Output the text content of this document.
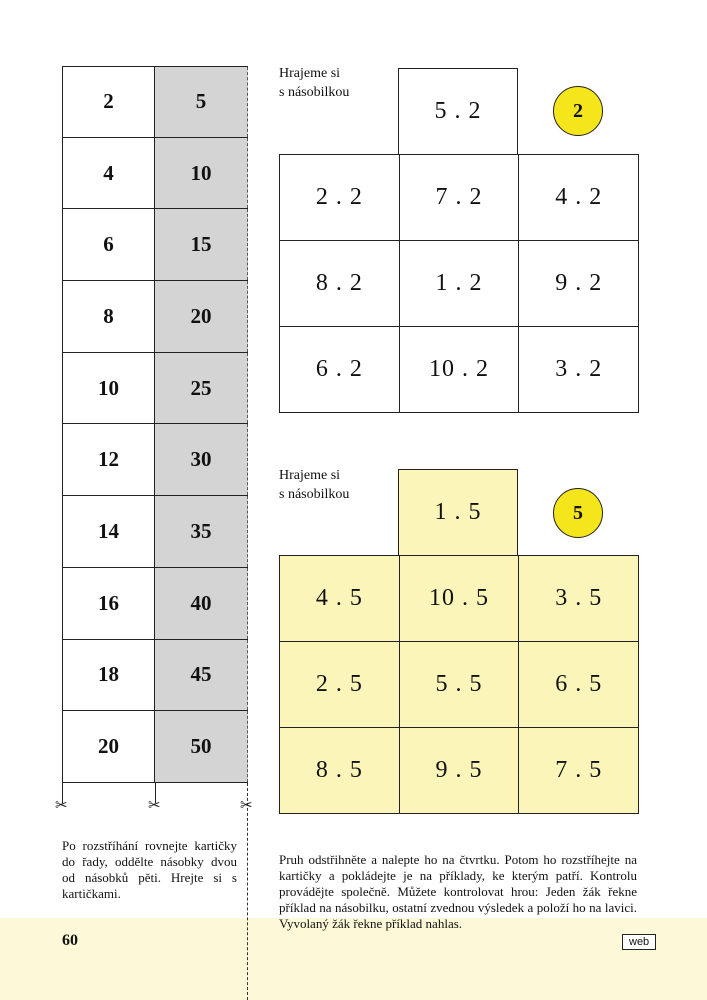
2	5
4	10
6	15
8	20
10	25
12	30
14	35
16	40
18	45
20	50
✂	✂	✂
Hrajeme si
s násobilkou
5 . 2	2
2 . 2	7 . 2	4 . 2
8 . 2	1 . 2	9 . 2
6 . 2	10 . 2	3 . 2
Hrajeme si
s násobilkou
1 . 5	5
4 . 5	10 . 5	3 . 5
2 . 5	5 . 5	6 . 5
8 . 5	9 . 5	7 . 5
Po rozstříhání rovnejte kartičky do řady, oddělte násobky dvou od násobků pěti. Hrejte si s kartičkami.
Pruh odstřihněte a nalepte ho na čtvrtku. Potom ho rozstříhejte na kartičky a pokládejte je na příklady, ke kterým patří. Kontrolu provádějte společně. Můžete kontrolovat hrou: Jeden žák řekne příklad na násobilku, ostatní zvednou výsledek a položí ho na lavici. Vyvolaný žák řekne příklad nahlas.
60	web
